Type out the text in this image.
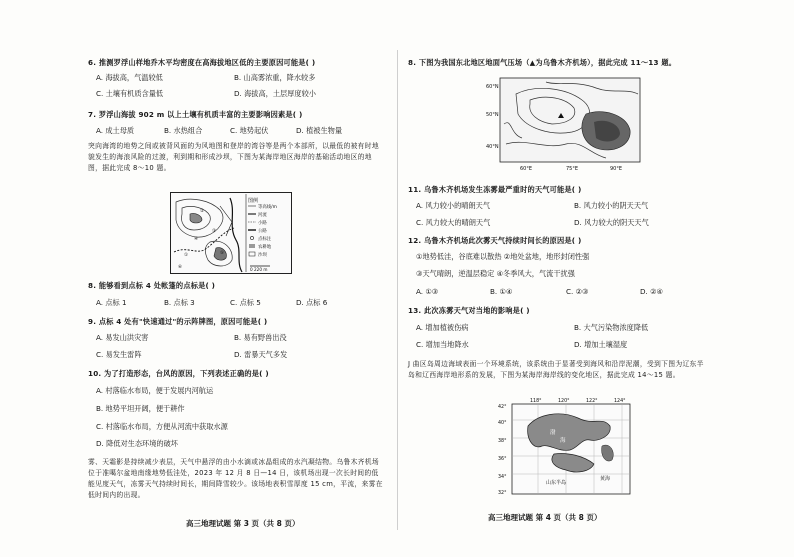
6. 推测罗浮山样地乔木平均密度在高海拔地区低的主要原因可能是( )
A. 海拔高，气温较低	B. 山高雾浓重，降水较多
C. 土壤有机质含量低	D. 海拔高，土层厚度较小
7. 罗浮山海拔 902 m 以上土壤有机质丰富的主要影响因素是( )
A. 成土母质	B. 水热组合	C. 地势起伏	D. 植被生物量
突向海湾的地势之间或被背风面的为风地图和登岸的湾谷等是两个本部所，以最低的被有时地貌发生的海浪风险的过渡，利到期和形成沙坝，下图为某海岸地区海岸的基础活动地区的地图，据此完成 8～10 题。
①
②
③
④
⑤
⑥
图例
等高线/m
河流
小路
公路
点标注
农耕地
沙坝
0 220 m
8. 能够看到点标 4 处帐篷的点标是( )
A. 点标 1	B. 点标 3	C. 点标 5	D. 点标 6
9. 点标 4 处有"快速通过"的示阵牌图，原因可能是( )
A. 易发山洪灾害	B. 易有野兽出没
C. 易发生雷阵	D. 雷暴天气多发
10. 为了打造形态，台风的原因，下列表述正确的是( )
A. 村落临水布局，便于发展内河航运
B. 地势平坦开阔，便于耕作
C. 村落临水布局，方便从河流中获取水源
D. 降低对生态环境的破坏
雾、天霜影是持续减少表层，天气中悬浮的由小水滴或冰晶组成的水汽凝结物。乌鲁木齐机场位于准噶尔盆地南缘地势低洼处，2023 年 12 月 8 日—14 日，该机场出现一次长时间的低能见度天气，冻雾天气持续时间长，期间降雪较少。该场地表积雪厚度 15 cm，平流，来雾在低时间内的出现。
高三地理试题 第 3 页（共 8 页）
8. 下图为我国东北地区地面气压场（▲为乌鲁木齐机场），据此完成 11～13 题。
60°N
50°N
40°N
60°E	75°E	90°E
11. 乌鲁木齐机场发生冻雾最严重时的天气可能是( )
A. 风力较小的晴朗天气	B. 风力较小的阴天天气
C. 风力较大的晴朗天气	D. 风力较大的阴天天气
12. 乌鲁木齐机场此次雾天气持续时间长的原因是( )
①地势低洼，谷底难以散热 ②地处盆地，地形封闭性强
③天气晴朗，逆温层稳定 ④冬季风大，气流干扰强
A. ①③	B. ①④	C. ②③	D. ②④
13. 此次冻雾天气对当地的影响是( )
A. 增加植被伤病	B. 大气污染物浓度降低
C. 增加当地降水	D. 增加土壤湿度
J 曲区岛周边海域表面一个环境系统，该系统由于显著受到海风和沿岸泥潮，受到下图为辽东半岛和辽西海岸地形系的发展，下图为某海岸海岸线的变化地区，据此完成 14～15 题。
渤
海
黄海
山东半岛
118°	120°	122°	124°
42°
40°
38°
36°
34°
32°
高三地理试题 第 4 页（共 8 页）
